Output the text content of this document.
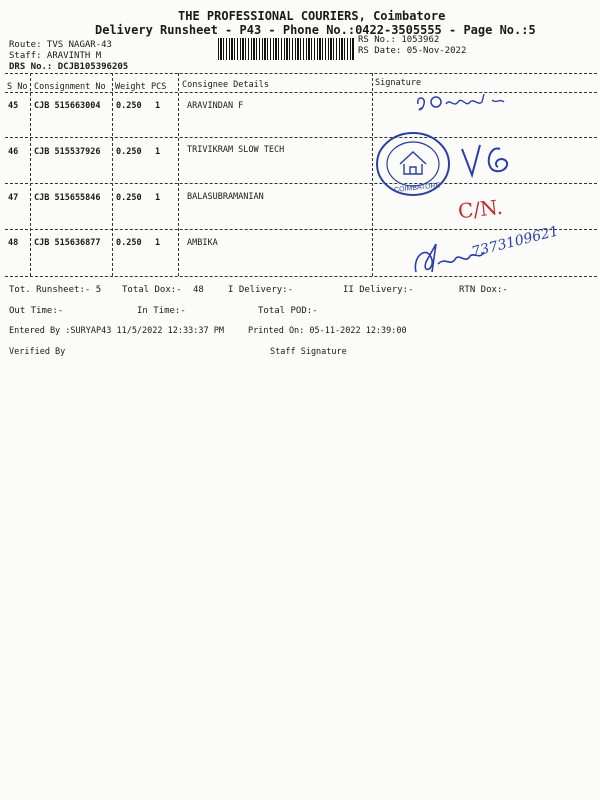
THE PROFESSIONAL COURIERS, Coimbatore
Delivery Runsheet - P43 - Phone No.:0422-3505555 - Page No.:5
Route: TVS NAGAR-43
Staff: ARAVINTH M
DRS No.: DCJB105396205
RS No.: 1053962
RS Date: 05-Nov-2022
S No Consignment No Weight PCS Consignee Details	Signature
45 CJB 515663004 0.250 1	ARAVINDAN F
46 CJB 515537926 0.250 1	TRIVIKRAM SLOW TECH
47 CJB 515655846 0.250 1	BALASUBRAMANIAN
48 CJB 515636877 0.250 1	AMBIKA
COIMBATORE
C/N.
7373109621
Tot. Runsheet:- 5 Total Dox:- 48	I Delivery:-	II Delivery:-	RTN Dox:-
Out Time:-	In Time:-	Total POD:-
Entered By :SURYAP43 11/5/2022 12:33:37 PM	Printed On: 05-11-2022 12:39:00
Verified By	Staff Signature
